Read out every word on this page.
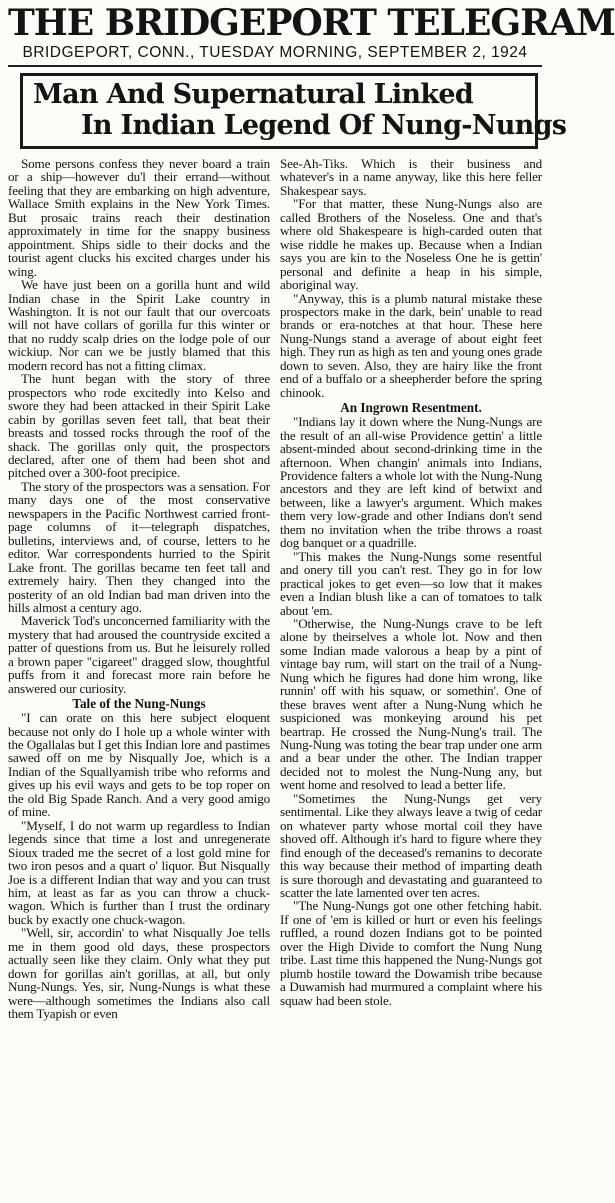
THE BRIDGEPORT TELEGRAM
BRIDGEPORT, CONN., TUESDAY MORNING, SEPTEMBER 2, 1924
Man And Supernatural Linked
In Indian Legend Of Nung-Nungs

Some persons confess they never board a train or a ship—however du'l their errand—without feeling that they are embarking on high adventure, Wallace Smith explains in the New York Times. But prosaic trains reach their destination approximately in time for the snappy business appointment. Ships sidle to their docks and the tourist agent clucks his excited charges under his wing.

We have just been on a gorilla hunt and wild Indian chase in the Spirit Lake country in Washington. It is not our fault that our overcoats will not have collars of gorilla fur this winter or that no ruddy scalp dries on the lodge pole of our wickiup. Nor can we be justly blamed that this modern record has not a fitting climax.

The hunt began with the story of three prospectors who rode excitedly into Kelso and swore they had been attacked in their Spirit Lake cabin by gorillas seven feet tall, that beat their breasts and tossed rocks through the roof of the shack. The gorillas only quit, the prospectors declared, after one of them had been shot and pitched over a 300-foot precipice.

The story of the prospectors was a sensation. For many days one of the most conservative newspapers in the Pacific Northwest carried front-page columns of it—telegraph dispatches, bulletins, interviews and, of course, letters to he editor. War correspondents hurried to the Spirit Lake front. The gorillas became ten feet tall and extremely hairy. Then they changed into the posterity of an old Indian bad man driven into the hills almost a century ago.

Maverick Tod's unconcerned familiarity with the mystery that had aroused the countryside excited a patter of questions from us. But he leisurely rolled a brown paper "cigareet" dragged slow, thoughtful puffs from it and forecast more rain before he answered our curiosity.

Tale of the Nung-Nungs

"I can orate on this here subject eloquent because not only do I hole up a whole winter with the Ogallalas but I get this Indian lore and pastimes sawed off on me by Nisqually Joe, which is a Indian of the Squallyamish tribe who reforms and gives up his evil ways and gets to be top roper on the old Big Spade Ranch. And a very good amigo of mine.

"Myself, I do not warm up regardless to Indian legends since that time a lost and unregenerate Sioux traded me the secret of a lost gold mine for two iron pesos and a quart o' liquor. But Nisqually Joe is a different Indian that way and you can trust him, at least as far as you can throw a chuck-wagon. Which is further than I trust the ordinary buck by exactly one chuck-wagon.

"Well, sir, accordin' to what Nisqually Joe tells me in them good old days, these prospectors actually seen like they claim. Only what they put down for gorillas ain't gorillas, at all, but only Nung-Nungs. Yes, sir, Nung-Nungs is what these were—although sometimes the Indians also call them Tyapish or even

See-Ah-Tiks. Which is their business and whatever's in a name anyway, like this here feller Shakespear says.

"For that matter, these Nung-Nungs also are called Brothers of the Noseless. One and that's where old Shakespeare is high-carded outen that wise riddle he makes up. Because when a Indian says you are kin to the Noseless One he is gettin' personal and definite a heap in his simple, aboriginal way.

"Anyway, this is a plumb natural mistake these prospectors make in the dark, bein' unable to read brands or era-notches at that hour. These here Nung-Nungs stand a average of about eight feet high. They run as high as ten and young ones grade down to seven. Also, they are hairy like the front end of a buffalo or a sheepherder before the spring chinook.

An Ingrown Resentment.

"Indians lay it down where the Nung-Nungs are the result of an all-wise Providence gettin' a little absent-minded about second-drinking time in the afternoon. When changin' animals into Indians, Providence falters a whole lot with the Nung-Nung ancestors and they are left kind of betwixt and between, like a lawyer's argument. Which makes them very low-grade and other Indians don't send them no invitation when the tribe throws a roast dog banquet or a quadrille.

"This makes the Nung-Nungs some resentful and onery till you can't rest. They go in for low practical jokes to get even—so low that it makes even a Indian blush like a can of tomatoes to talk about 'em.

"Otherwise, the Nung-Nungs crave to be left alone by theirselves a whole lot. Now and then some Indian made valorous a heap by a pint of vintage bay rum, will start on the trail of a Nung-Nung which he figures had done him wrong, like runnin' off with his squaw, or somethin'. One of these braves went after a Nung-Nung which he suspicioned was monkeying around his pet beartrap. He crossed the Nung-Nung's trail. The Nung-Nung was toting the bear trap under one arm and a bear under the other. The Indian trapper decided not to molest the Nung-Nung any, but went home and resolved to lead a better life.

"Sometimes the Nung-Nungs get very sentimental. Like they always leave a twig of cedar on whatever party whose mortal coil they have shoved off. Although it's hard to figure where they find enough of the deceased's remanins to decorate this way because their method of imparting death is sure thorough and devastating and guaranteed to scatter the late lamented over ten acres.

"The Nung-Nungs got one other fetching habit. If one of 'em is killed or hurt or even his feelings ruffled, a round dozen Indians got to be pointed over the High Divide to comfort the Nung Nung tribe. Last time this happened the Nung-Nungs got plumb hostile toward the Dowamish tribe because a Duwamish had murmured a complaint where his squaw had been stole.
